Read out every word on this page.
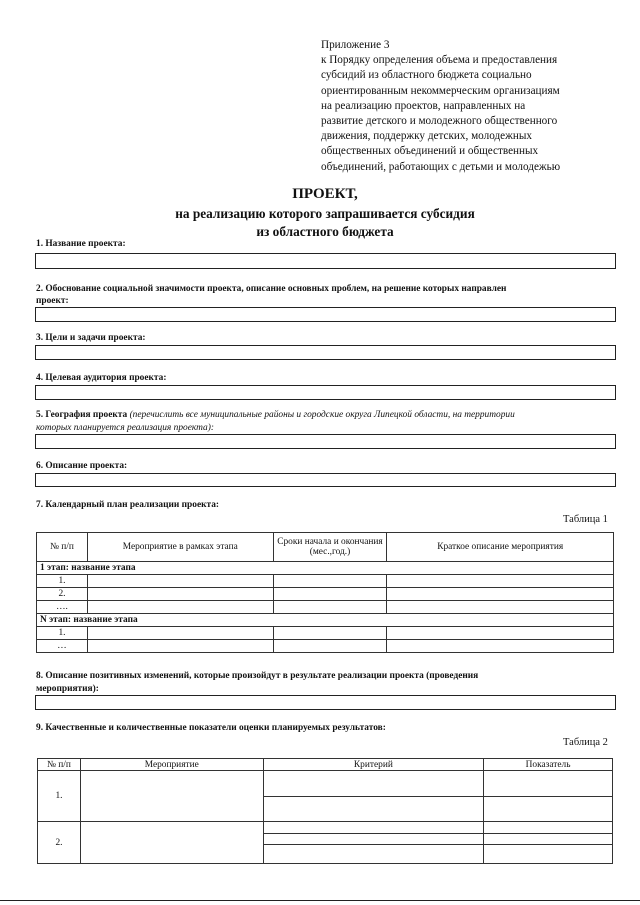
Приложение 3
к Порядку определения объема и предоставления
субсидий из областного бюджета социально
ориентированным некоммерческим организациям
на реализацию проектов, направленных на
развитие детского и молодежного общественного
движения, поддержку детских, молодежных
общественных объединений и общественных
объединений, работающих с детьми и молодежью
ПРОЕКТ,
на реализацию которого запрашивается субсидия
из областного бюджета
1. Название проекта:
2. Обоснование социальной значимости проекта, описание основных проблем, на решение которых направлен
проект:
3. Цели и задачи проекта:
4. Целевая аудитория проекта:
5. География проекта (перечислить все муниципальные районы и городские округа Липецкой области, на территории
которых планируется реализация проекта):
6. Описание проекта:
7. Календарный план реализации проекта:
Таблица 1
№ п/п	Мероприятие в рамках этапа	Сроки начала и окончания (мес.,год.)	Краткое описание мероприятия
1 этап: название этапа			
1.			
2.			
….			
N этап: название этапа			
1.			
…			
8. Описание позитивных изменений, которые произойдут в результате реализации проекта (проведения
мероприятия):
9. Качественные и количественные показатели оценки планируемых результатов:
Таблица 2
№ п/п	Мероприятие	Критерий	Показатель
1.			

2.			
